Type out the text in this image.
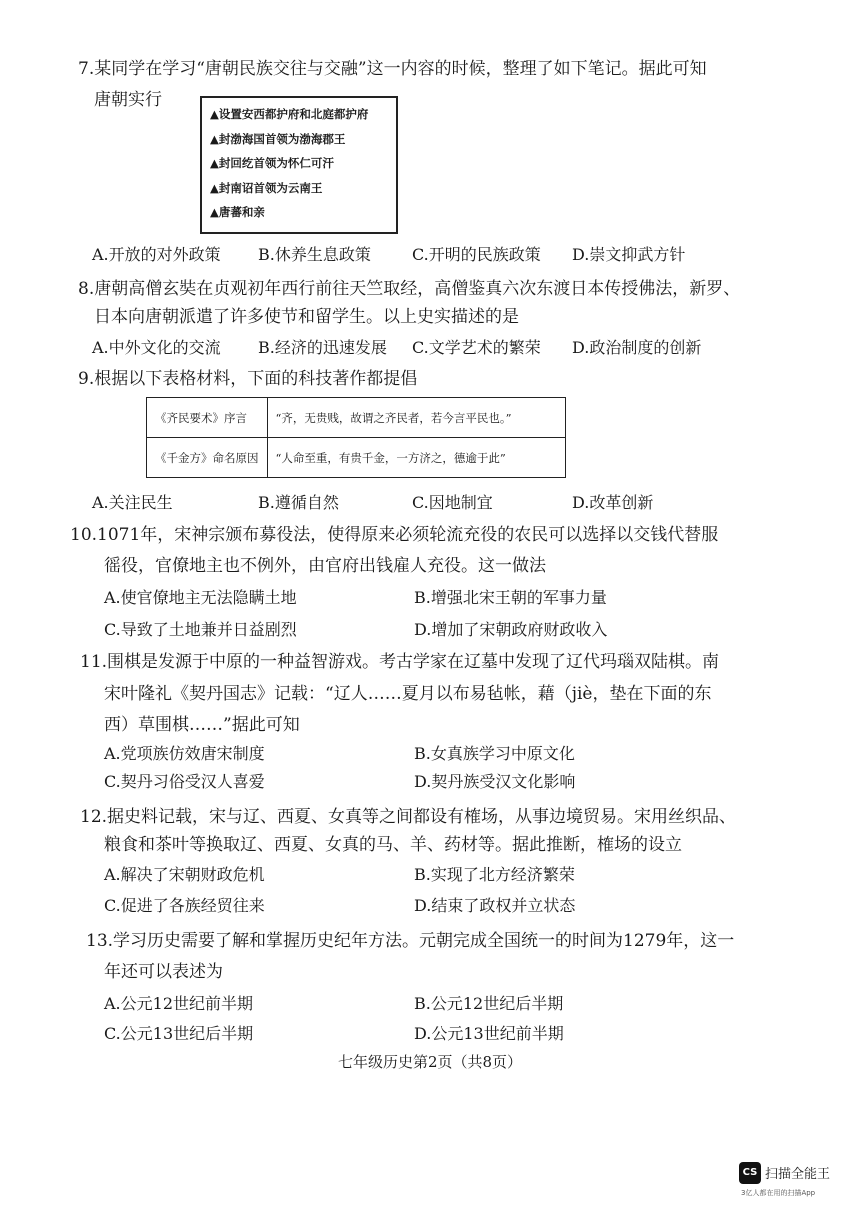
7.某同学在学习“唐朝民族交往与交融”这一内容的时候，整理了如下笔记。据此可知
唐朝实行
▲设置安西都护府和北庭都护府
▲封渤海国首领为渤海郡王
▲封回纥首领为怀仁可汗
▲封南诏首领为云南王
▲唐蕃和亲
A.开放的对外政策 B.休养生息政策	C.开明的民族政策 D.崇文抑武方针
8.唐朝高僧玄奘在贞观初年西行前往天竺取经，高僧鉴真六次东渡日本传授佛法，新罗、
日本向唐朝派遣了许多使节和留学生。以上史实描述的是
A.中外文化的交流 B.经济的迅速发展 C.文学艺术的繁荣 D.政治制度的创新
9.根据以下表格材料，下面的科技著作都提倡
《齐民要术》序言	“齐，无贵贱，故谓之齐民者，若今言平民也。”
《千金方》命名原因	“人命至重，有贵千金，一方济之，德逾于此”
A.关注民生	B.遵循自然	C.因地制宜	D.改革创新
10.1071年，宋神宗颁布募役法，使得原来必须轮流充役的农民可以选择以交钱代替服
徭役，官僚地主也不例外，由官府出钱雇人充役。这一做法
A.使官僚地主无法隐瞒土地	B.增强北宋王朝的军事力量
C.导致了土地兼并日益剧烈	D.增加了宋朝政府财政收入
11.围棋是发源于中原的一种益智游戏。考古学家在辽墓中发现了辽代玛瑙双陆棋。南
宋叶隆礼《契丹国志》记载：“辽人……夏月以布易毡帐，藉（jiè，垫在下面的东
西）草围棋……”据此可知
A.党项族仿效唐宋制度	B.女真族学习中原文化
C.契丹习俗受汉人喜爱	D.契丹族受汉文化影响
12.据史料记载，宋与辽、西夏、女真等之间都设有榷场，从事边境贸易。宋用丝织品、
粮食和茶叶等换取辽、西夏、女真的马、羊、药材等。据此推断，榷场的设立
A.解决了宋朝财政危机	B.实现了北方经济繁荣
C.促进了各族经贸往来	D.结束了政权并立状态
13.学习历史需要了解和掌握历史纪年方法。元朝完成全国统一的时间为1279年，这一
年还可以表述为
A.公元12世纪前半期	B.公元12世纪后半期
C.公元13世纪后半期	D.公元13世纪前半期
七年级历史第2页（共8页）
CS 扫描全能王
3亿人都在用的扫描App
